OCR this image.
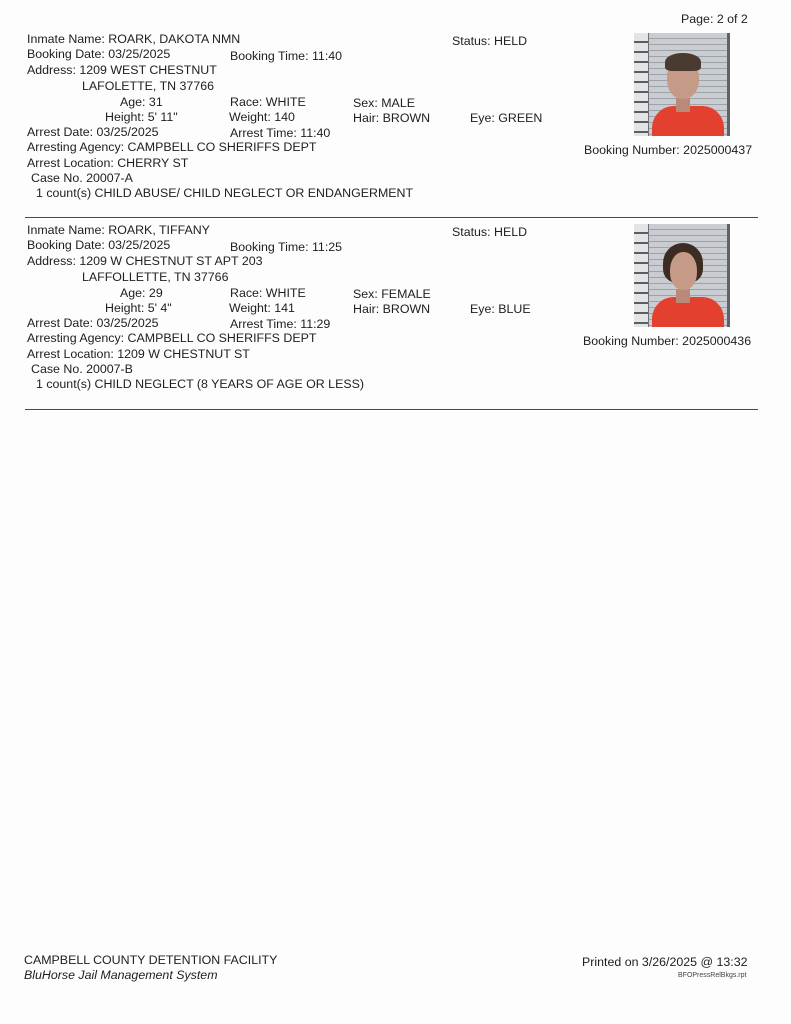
Page: 2 of 2
Inmate Name: ROARK, DAKOTA NMN	Status: HELD
Booking Date: 03/25/2025	Booking Time: 11:40
Address: 1209 WEST CHESTNUT
LAFOLETTE, TN 37766
Age: 31	Race: WHITE	Sex: MALE
Height: 5' 11"	Weight: 140	Hair: BROWN	Eye: GREEN
Arrest Date: 03/25/2025	Arrest Time: 11:40
Arresting Agency: CAMPBELL CO SHERIFFS DEPT
Arrest Location: CHERRY ST
Case No. 20007-A
1 count(s) CHILD ABUSE/ CHILD NEGLECT OR ENDANGERMENT
Booking Number: 2025000437
Inmate Name: ROARK, TIFFANY	Status: HELD
Booking Date: 03/25/2025	Booking Time: 11:25
Address: 1209 W CHESTNUT ST APT 203
LAFFOLLETTE, TN 37766
Age: 29	Race: WHITE	Sex: FEMALE
Height: 5' 4"	Weight: 141	Hair: BROWN	Eye: BLUE
Arrest Date: 03/25/2025	Arrest Time: 11:29
Arresting Agency: CAMPBELL CO SHERIFFS DEPT
Arrest Location: 1209 W CHESTNUT ST
Case No. 20007-B
1 count(s) CHILD NEGLECT (8 YEARS OF AGE OR LESS)
Booking Number: 2025000436
CAMPBELL COUNTY DETENTION FACILITY
BluHorse Jail Management System
Printed on 3/26/2025 @ 13:32
BFOPressRelBkgs.rpt
